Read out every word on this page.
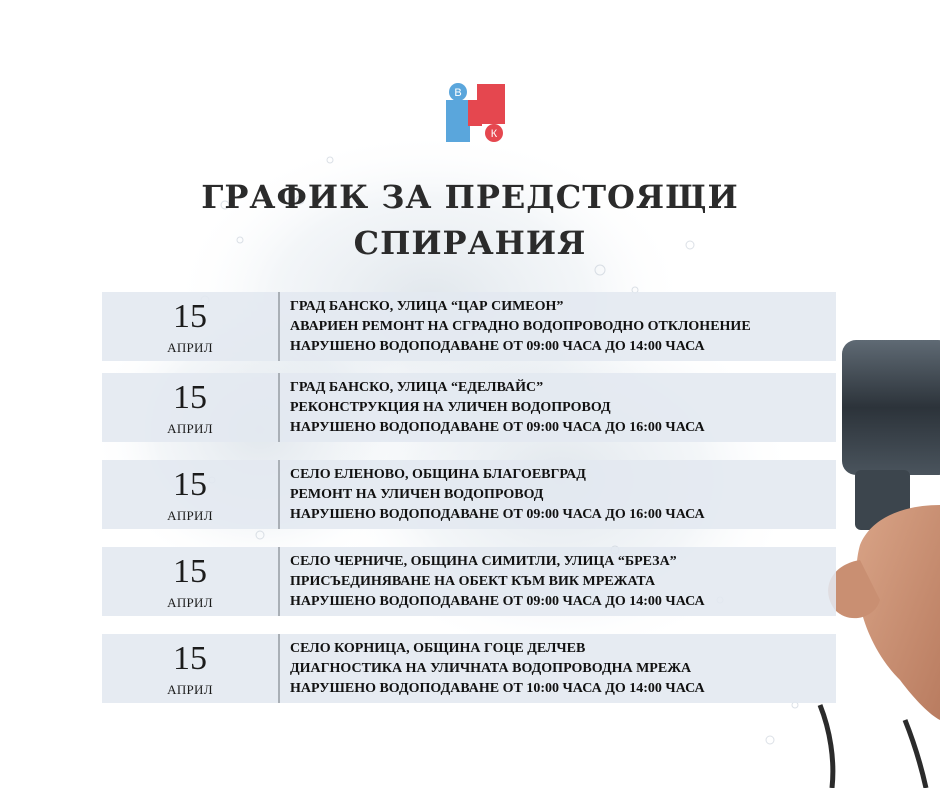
В
К
ГРАФИК ЗА ПРЕДСТОЯЩИ
СПИРАНИЯ
15
АПРИЛ
ГРАД БАНСКО, УЛИЦА “ЦАР СИМЕОН”
АВАРИЕН РЕМОНТ НА СГРАДНО ВОДОПРОВОДНО ОТКЛОНЕНИЕ
НАРУШЕНО ВОДОПОДАВАНЕ ОТ 09:00 ЧАСА ДО 14:00 ЧАСА
15
АПРИЛ
ГРАД БАНСКО, УЛИЦА “ЕДЕЛВАЙС”
РЕКОНСТРУКЦИЯ НА УЛИЧЕН ВОДОПРОВОД
НАРУШЕНО ВОДОПОДАВАНЕ ОТ 09:00 ЧАСА ДО 16:00 ЧАСА
15
АПРИЛ
СЕЛО ЕЛЕНОВО, ОБЩИНА БЛАГОЕВГРАД
РЕМОНТ НА УЛИЧЕН ВОДОПРОВОД
НАРУШЕНО ВОДОПОДАВАНЕ ОТ 09:00 ЧАСА ДО 16:00 ЧАСА
15
АПРИЛ
СЕЛО ЧЕРНИЧЕ, ОБЩИНА СИМИТЛИ, УЛИЦА “БРЕЗА”
ПРИСЪЕДИНЯВАНЕ НА ОБЕКТ КЪМ ВИК МРЕЖАТА
НАРУШЕНО ВОДОПОДАВАНЕ ОТ 09:00 ЧАСА ДО 14:00 ЧАСА
15
АПРИЛ
СЕЛО КОРНИЦА, ОБЩИНА ГОЦЕ ДЕЛЧЕВ
ДИАГНОСТИКА НА УЛИЧНАТА ВОДОПРОВОДНА МРЕЖА
НАРУШЕНО ВОДОПОДАВАНЕ ОТ 10:00 ЧАСА ДО 14:00 ЧАСА
